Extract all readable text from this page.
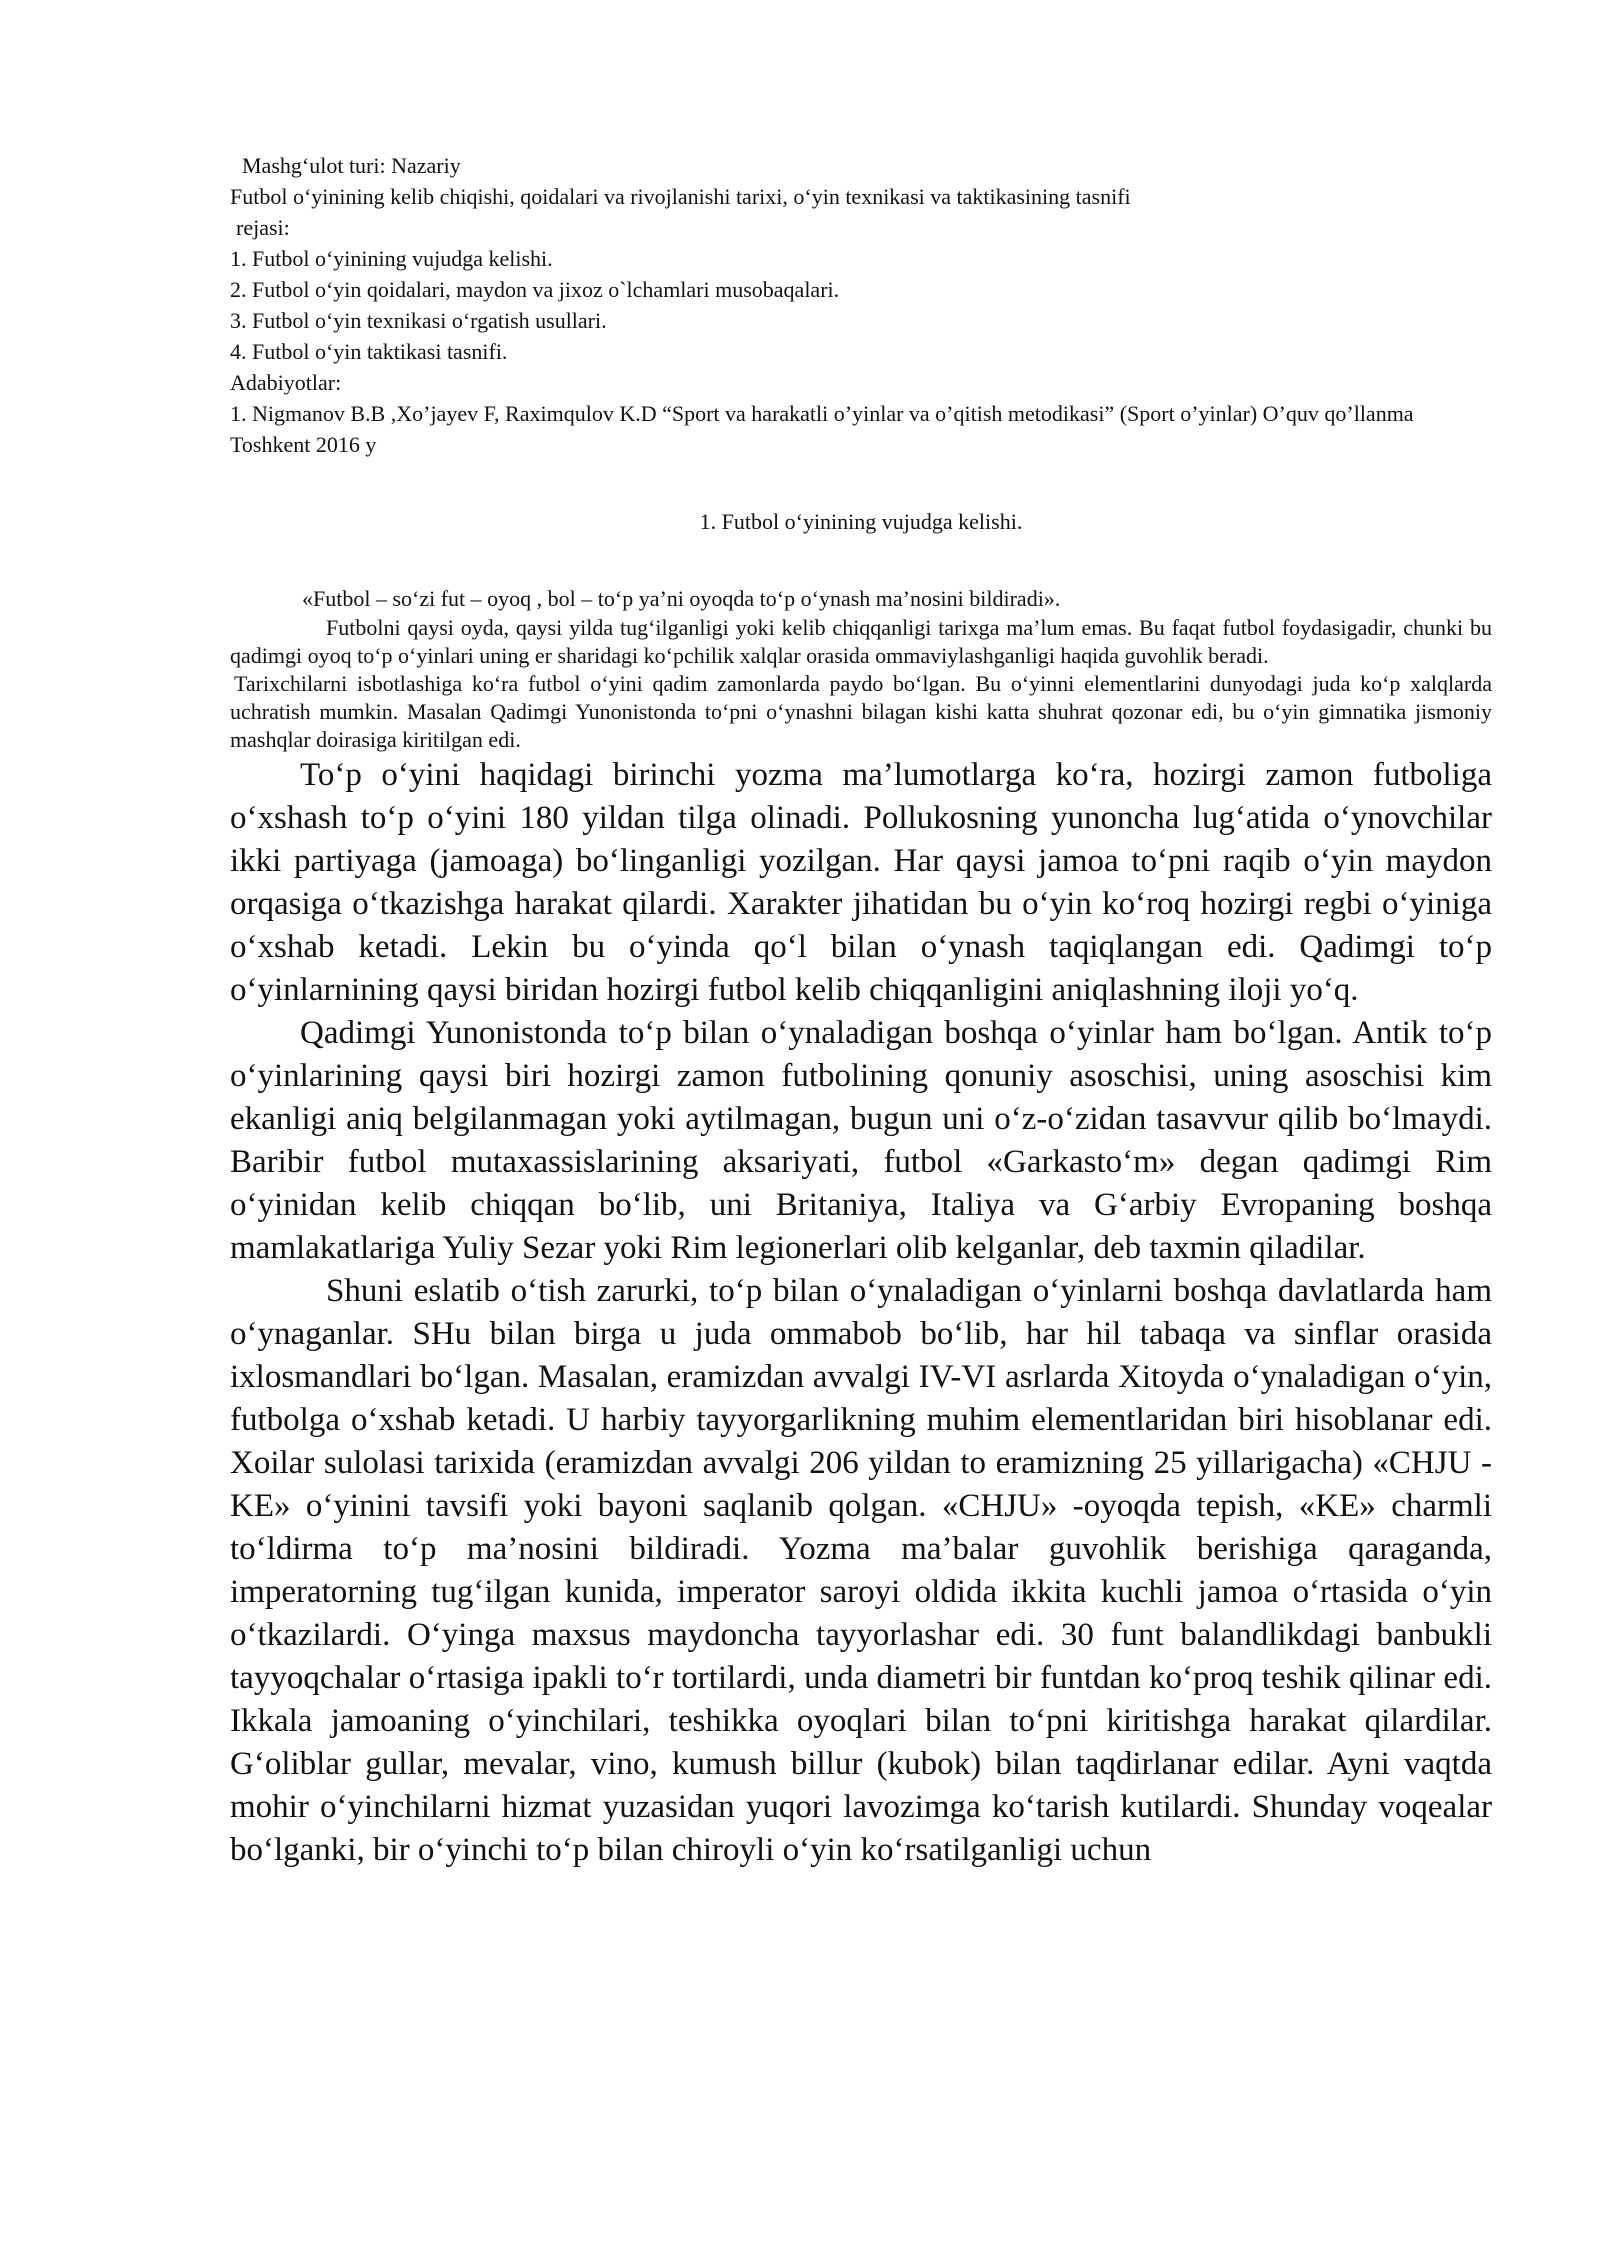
Mashg‘ulot turi: Nazariy

Futbol o‘yinining kelib chiqishi, qoidalari va rivojlanishi tarixi, o‘yin texnikasi va taktikasining tasnifi

rejasi:

1. Futbol o‘yinining vujudga kelishi.

2. Futbol o‘yin qoidalari, maydon va jixoz o`lchamlari musobaqalari.

3. Futbol o‘yin texnikasi o‘rgatish usullari.

4. Futbol o‘yin taktikasi tasnifi.

Adabiyotlar:

1. Nigmanov B.B ,Xo’jayev F, Raximqulov K.D “Sport va harakatli o’yinlar va o’qitish metodikasi” (Sport o’yinlar) O’quv qo’llanma Toshkent 2016 y

1. Futbol o‘yinining vujudga kelishi.

«Futbol – so‘zi fut – oyoq , bol – to‘p ya’ni oyoqda to‘p o‘ynash ma’nosini bildiradi».

Futbolni qaysi oyda, qaysi yilda tug‘ilganligi yoki kelib chiqqanligi tarixga ma’lum emas. Bu faqat futbol foydasigadir, chunki bu qadimgi oyoq to‘p o‘yinlari uning er sharidagi ko‘pchilik xalqlar orasida ommaviylashganligi haqida guvohlik beradi.

Tarixchilarni isbotlashiga ko‘ra futbol o‘yini qadim zamonlarda paydo bo‘lgan. Bu o‘yinni elementlarini dunyodagi juda ko‘p xalqlarda uchratish mumkin. Masalan Qadimgi Yunonistonda to‘pni o‘ynashni bilagan kishi katta shuhrat qozonar edi, bu o‘yin gimnatika jismoniy mashqlar doirasiga kiritilgan edi.

To‘p o‘yini haqidagi birinchi yozma ma’lumotlarga ko‘ra, hozirgi zamon futboliga o‘xshash to‘p o‘yini 180 yildan tilga olinadi. Pollukosning yunoncha lug‘atida o‘ynovchilar ikki partiyaga (jamoaga) bo‘linganligi yozilgan. Har qaysi jamoa to‘pni raqib o‘yin maydon orqasiga o‘tkazishga harakat qilardi. Xarakter jihatidan bu o‘yin ko‘roq hozirgi regbi o‘yiniga o‘xshab ketadi. Lekin bu o‘yinda qo‘l bilan o‘ynash taqiqlangan edi. Qadimgi to‘p o‘yinlarnining qaysi biridan hozirgi futbol kelib chiqqanligini aniqlashning iloji yo‘q.

Qadimgi Yunonistonda to‘p bilan o‘ynaladigan boshqa o‘yinlar ham bo‘lgan. Antik to‘p o‘yinlarining qaysi biri hozirgi zamon futbolining qonuniy asoschisi, uning asoschisi kim ekanligi aniq belgilanmagan yoki aytilmagan, bugun uni o‘z-o‘zidan tasavvur qilib bo‘lmaydi. Baribir futbol mutaxassislarining aksariyati, futbol «Garkasto‘m» degan qadimgi Rim o‘yinidan kelib chiqqan bo‘lib, uni Britaniya, Italiya va G‘arbiy Evropaning boshqa mamlakatlariga Yuliy Sezar yoki Rim legionerlari olib kelganlar, deb taxmin qiladilar.

Shuni eslatib o‘tish zarurki, to‘p bilan o‘ynaladigan o‘yinlarni boshqa davlatlarda ham o‘ynaganlar. SHu bilan birga u juda ommabob bo‘lib, har hil tabaqa va sinflar orasida ixlosmandlari bo‘lgan. Masalan, eramizdan avvalgi IV-VI asrlarda Xitoyda o‘ynaladigan o‘yin, futbolga o‘xshab ketadi. U harbiy tayyorgarlikning muhim elementlaridan biri hisoblanar edi. Xoilar sulolasi tarixida (eramizdan avvalgi 206 yildan to eramizning 25 yillarigacha) «CHJU - KE» o‘yinini tavsifi yoki bayoni saqlanib qolgan. «CHJU» -oyoqda tepish, «KE» charmli to‘ldirma to‘p ma’nosini bildiradi. Yozma ma’balar guvohlik berishiga qaraganda, imperatorning tug‘ilgan kunida, imperator saroyi oldida ikkita kuchli jamoa o‘rtasida o‘yin o‘tkazilardi. O‘yinga maxsus maydoncha tayyorlashar edi. 30 funt balandlikdagi banbukli tayyoqchalar o‘rtasiga ipakli to‘r tortilardi, unda diametri bir funtdan ko‘proq teshik qilinar edi. Ikkala jamoaning o‘yinchilari, teshikka oyoqlari bilan to‘pni kiritishga harakat qilardilar. G‘oliblar gullar, mevalar, vino, kumush billur (kubok) bilan taqdirlanar edilar. Ayni vaqtda mohir o‘yinchilarni hizmat yuzasidan yuqori lavozimga ko‘tarish kutilardi. Shunday voqealar bo‘lganki, bir o‘yinchi to‘p bilan chiroyli o‘yin ko‘rsatilganligi uchun
